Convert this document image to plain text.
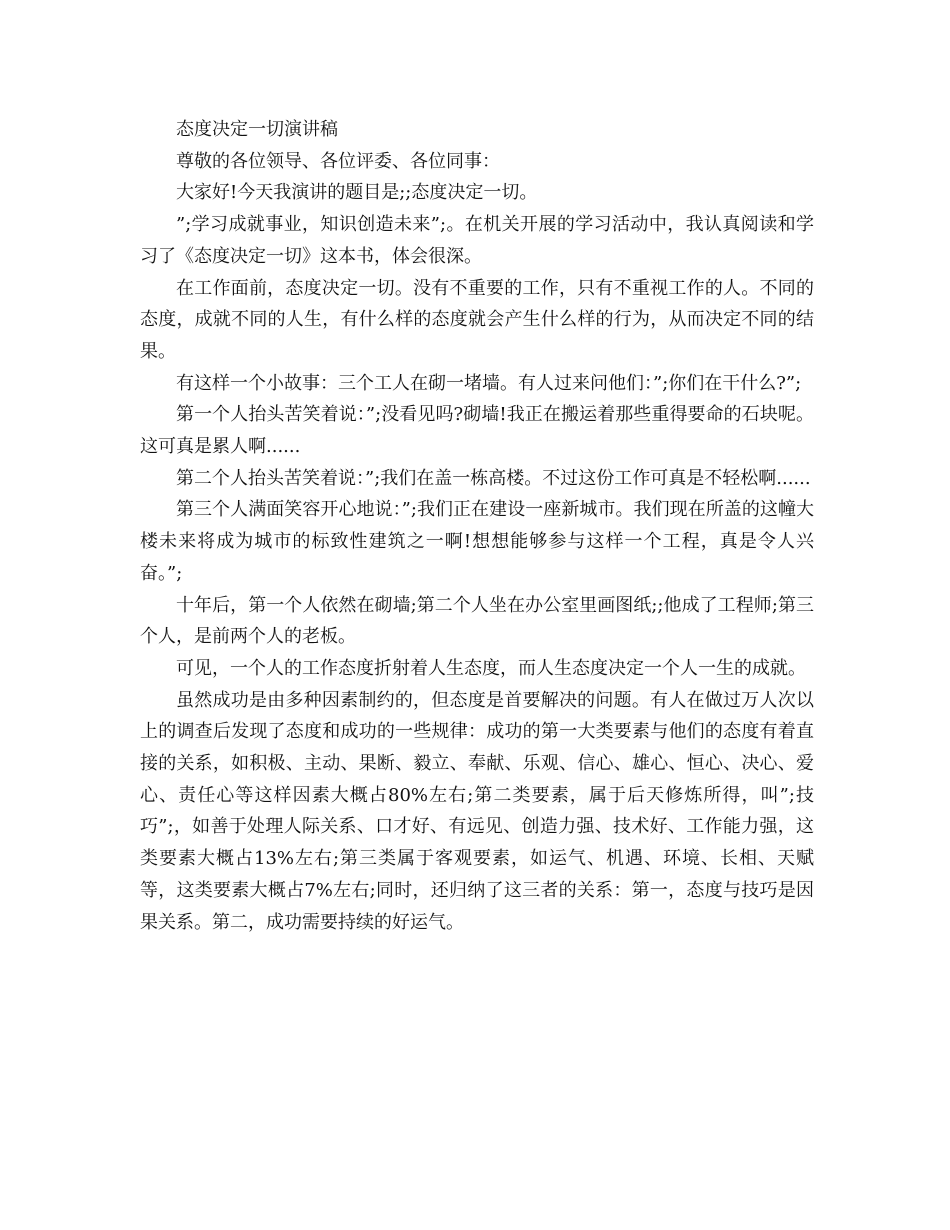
态度决定一切演讲稿

尊敬的各位领导、各位评委、各位同事：

大家好!今天我演讲的题目是;;态度决定一切。

”;学习成就事业，知识创造未来”;。在机关开展的学习活动中，我认真阅读和学习了《态度决定一切》这本书，体会很深。

在工作面前，态度决定一切。没有不重要的工作，只有不重视工作的人。不同的态度，成就不同的人生，有什么样的态度就会产生什么样的行为，从而决定不同的结果。

有这样一个小故事：三个工人在砌一堵墙。有人过来问他们：”;你们在干什么?”;

第一个人抬头苦笑着说：”;没看见吗?砌墙!我正在搬运着那些重得要命的石块呢。这可真是累人啊......

第二个人抬头苦笑着说：”;我们在盖一栋高楼。不过这份工作可真是不轻松啊......

第三个人满面笑容开心地说：”;我们正在建设一座新城市。我们现在所盖的这幢大楼未来将成为城市的标致性建筑之一啊!想想能够参与这样一个工程，真是令人兴奋。”;

十年后，第一个人依然在砌墙;第二个人坐在办公室里画图纸;;他成了工程师;第三个人，是前两个人的老板。

可见，一个人的工作态度折射着人生态度，而人生态度决定一个人一生的成就。

虽然成功是由多种因素制约的，但态度是首要解决的问题。有人在做过万人次以上的调查后发现了态度和成功的一些规律：成功的第一大类要素与他们的态度有着直接的关系，如积极、主动、果断、毅立、奉献、乐观、信心、雄心、恒心、决心、爱心、责任心等这样因素大概占80%左右;第二类要素，属于后天修炼所得，叫”;技巧”;，如善于处理人际关系、口才好、有远见、创造力强、技术好、工作能力强，这类要素大概占13%左右;第三类属于客观要素，如运气、机遇、环境、长相、天赋等，这类要素大概占7%左右;同时，还归纳了这三者的关系：第一，态度与技巧是因果关系。第二，成功需要持续的好运气。
